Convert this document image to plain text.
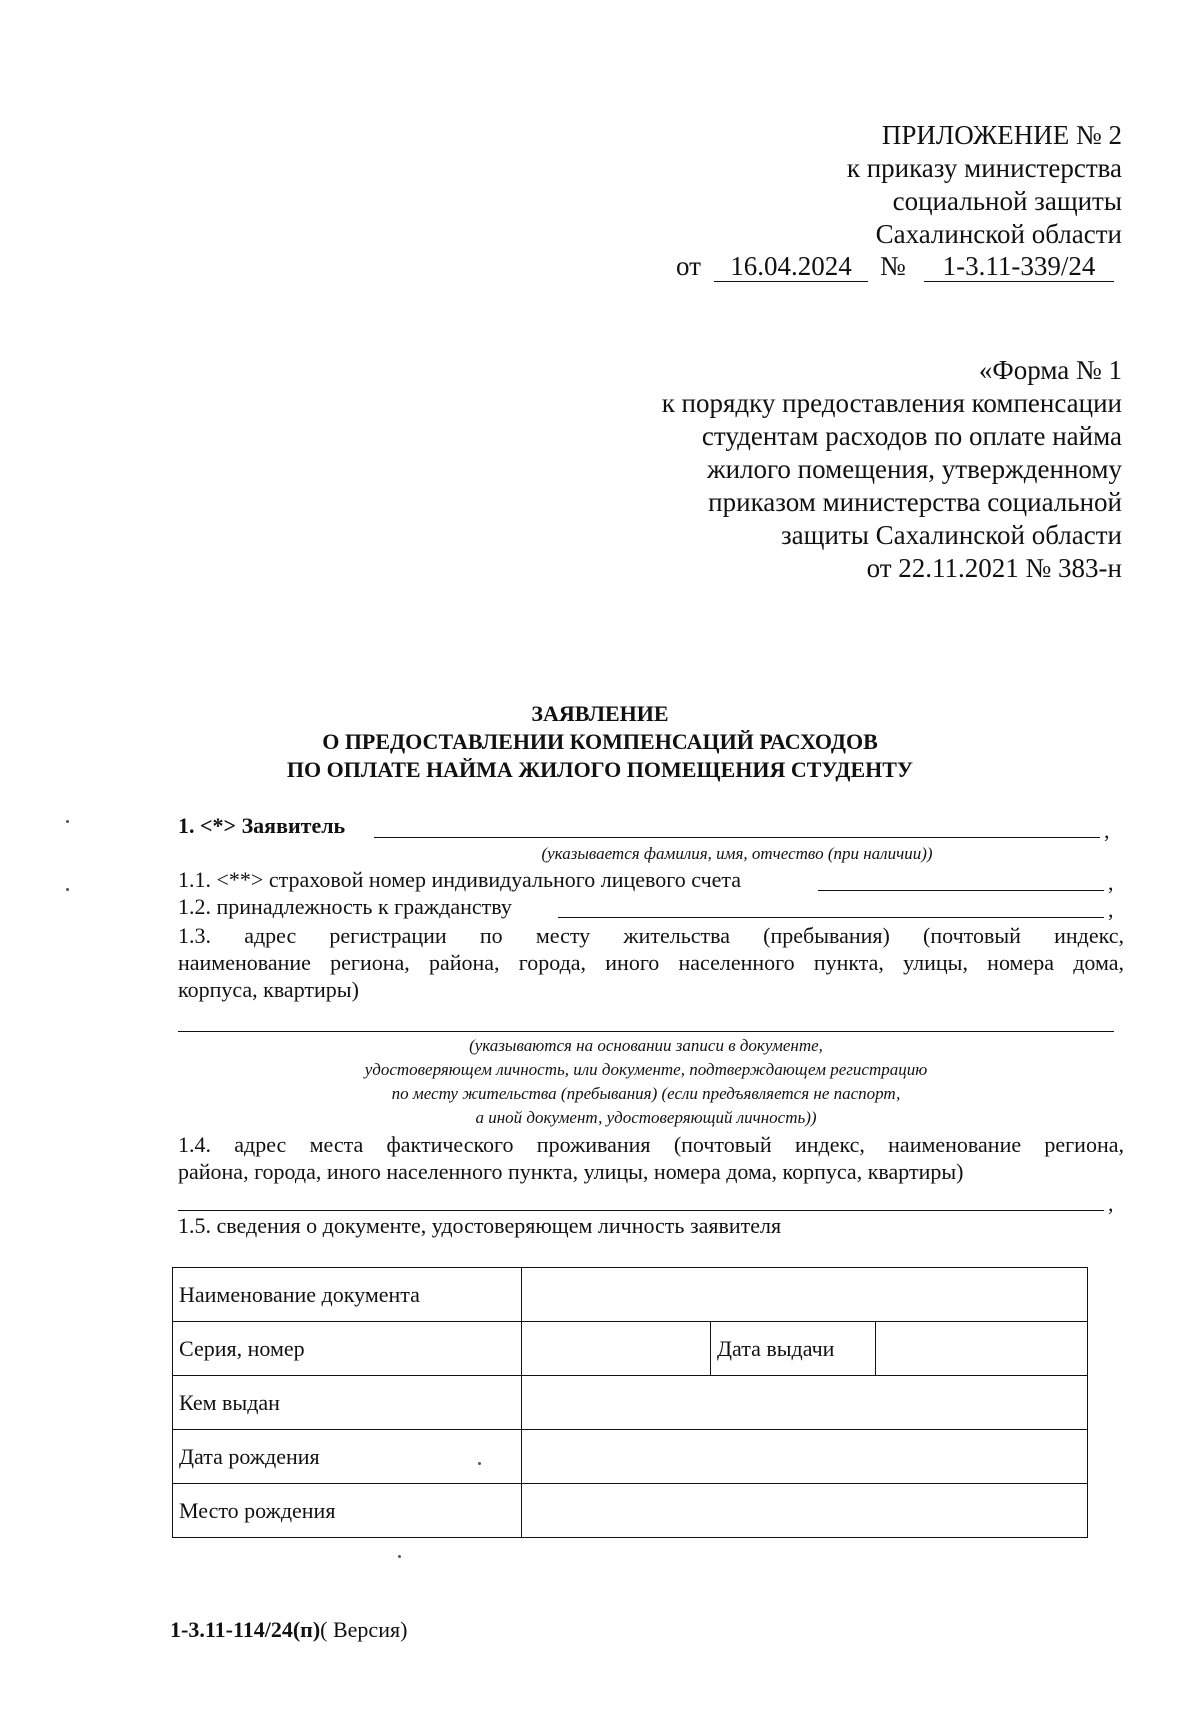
ПРИЛОЖЕНИЕ № 2
к приказу министерства
социальной защиты
Сахалинской области
от	16.04.2024	№	1-3.11-339/24
«Форма № 1
к порядку предоставления компенсации
студентам расходов по оплате найма
жилого помещения, утвержденному
приказом министерства социальной
защиты Сахалинской области
от 22.11.2021 № 383-н
ЗАЯВЛЕНИЕ
О ПРЕДОСТАВЛЕНИИ КОМПЕНСАЦИЙ РАСХОДОВ
ПО ОПЛАТЕ НАЙМА ЖИЛОГО ПОМЕЩЕНИЯ СТУДЕНТУ
1. <*> Заявитель	,
(указывается фамилия, имя, отчество (при наличии))
1.1. <**> страховой номер индивидуального лицевого счета	,
1.2. принадлежность к гражданству	,
1.3. адрес регистрации по месту жительства (пребывания) (почтовый индекс,
наименование региона, района, города, иного населенного пункта, улицы, номера дома,
корпуса, квартиры)
(указываются на основании записи в документе,
удостоверяющем личность, или документе, подтверждающем регистрацию
по месту жительства (пребывания) (если предъявляется не паспорт,
а иной документ, удостоверяющий личность))
1.4. адрес места фактического проживания (почтовый индекс, наименование региона,
района, города, иного населенного пункта, улицы, номера дома, корпуса, квартиры)
,
1.5. сведения о документе, удостоверяющем личность заявителя
Наименование документа			
Серия, номер		Дата выдачи	
Кем выдан			
Дата рождения			
Место рождения			
1-3.11-114/24(п)( Версия)
